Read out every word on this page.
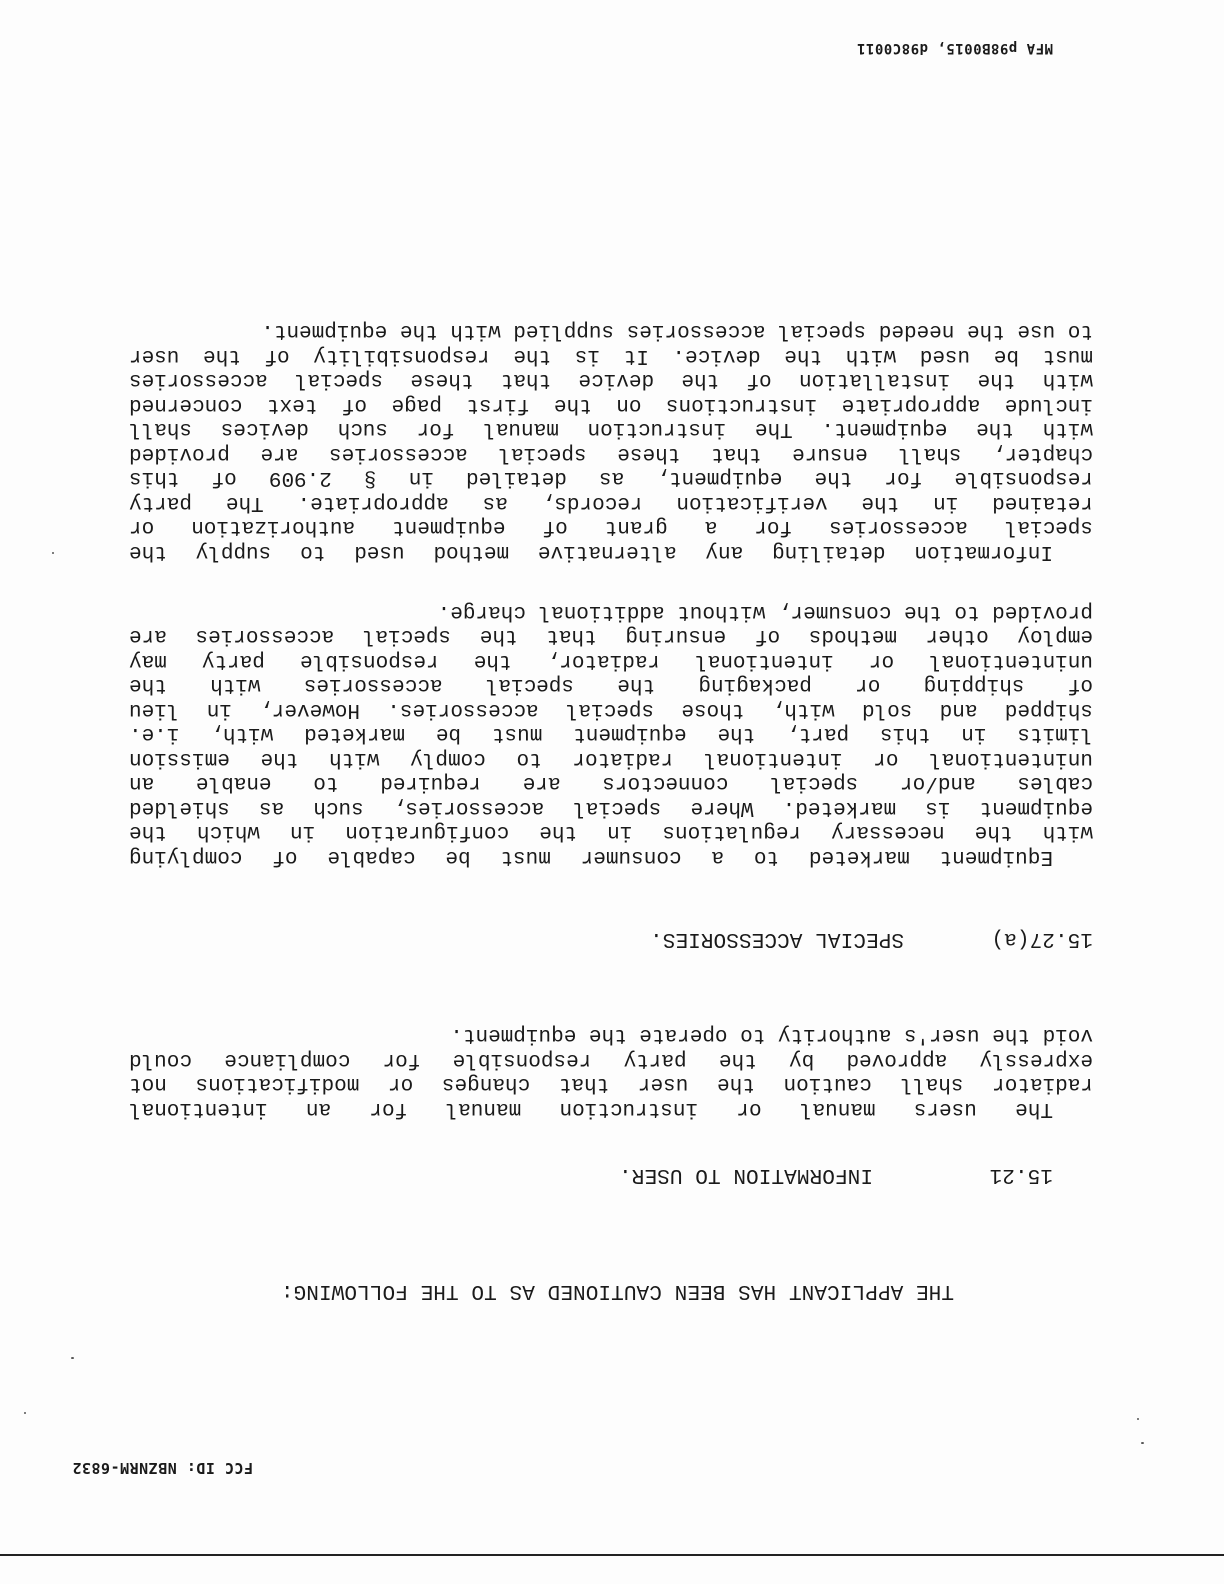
FCC ID: NBZNRM-6832
THE APPLICANT HAS BEEN CAUTIONED AS TO THE FOLLOWING:
15.21
INFORMATION TO USER.
The users manual or instruction manual for an intentional
radiator shall caution the user that changes or modifications not
expressly approved by the party responsible for compliance could
void the user's authority to operate the equipment.
15.27(a)
SPECIAL ACCESSORIES.
Equipment marketed to a consumer must be capable of complying
with the necessary regulations in the configuration in which the
equipment is marketed. Where special accessories, such as shielded
cables and/or special connectors are required to enable an
unintentional or intentional radiator to comply with the emission
limits in this part, the equipment must be marketed with, i.e.
shipped and sold with, those special accessories. However, in lieu
of shipping or packaging the special accessories with the
unintentional or intentional radiator, the responsible party may
employ other methods of ensuring that the special accessories are
provided to the consumer, without additional charge.
Information detailing any alternative method used to supply the
special accessories for a grant of equipment authorization or
retained in the verification records, as appropriate. The party
responsible for the equipment, as detailed in § 2.909 of this
chapter, shall ensure that these special accessories are provided
with the equipment. The instruction manual for such devices shall
include appropriate instructions on the first page of text concerned
with the installation of the device that these special accessories
must be used with the device. It is the responsibility of the user
to use the needed special accessories supplied with the equipment.
MFA p98B0015, d98C0011
